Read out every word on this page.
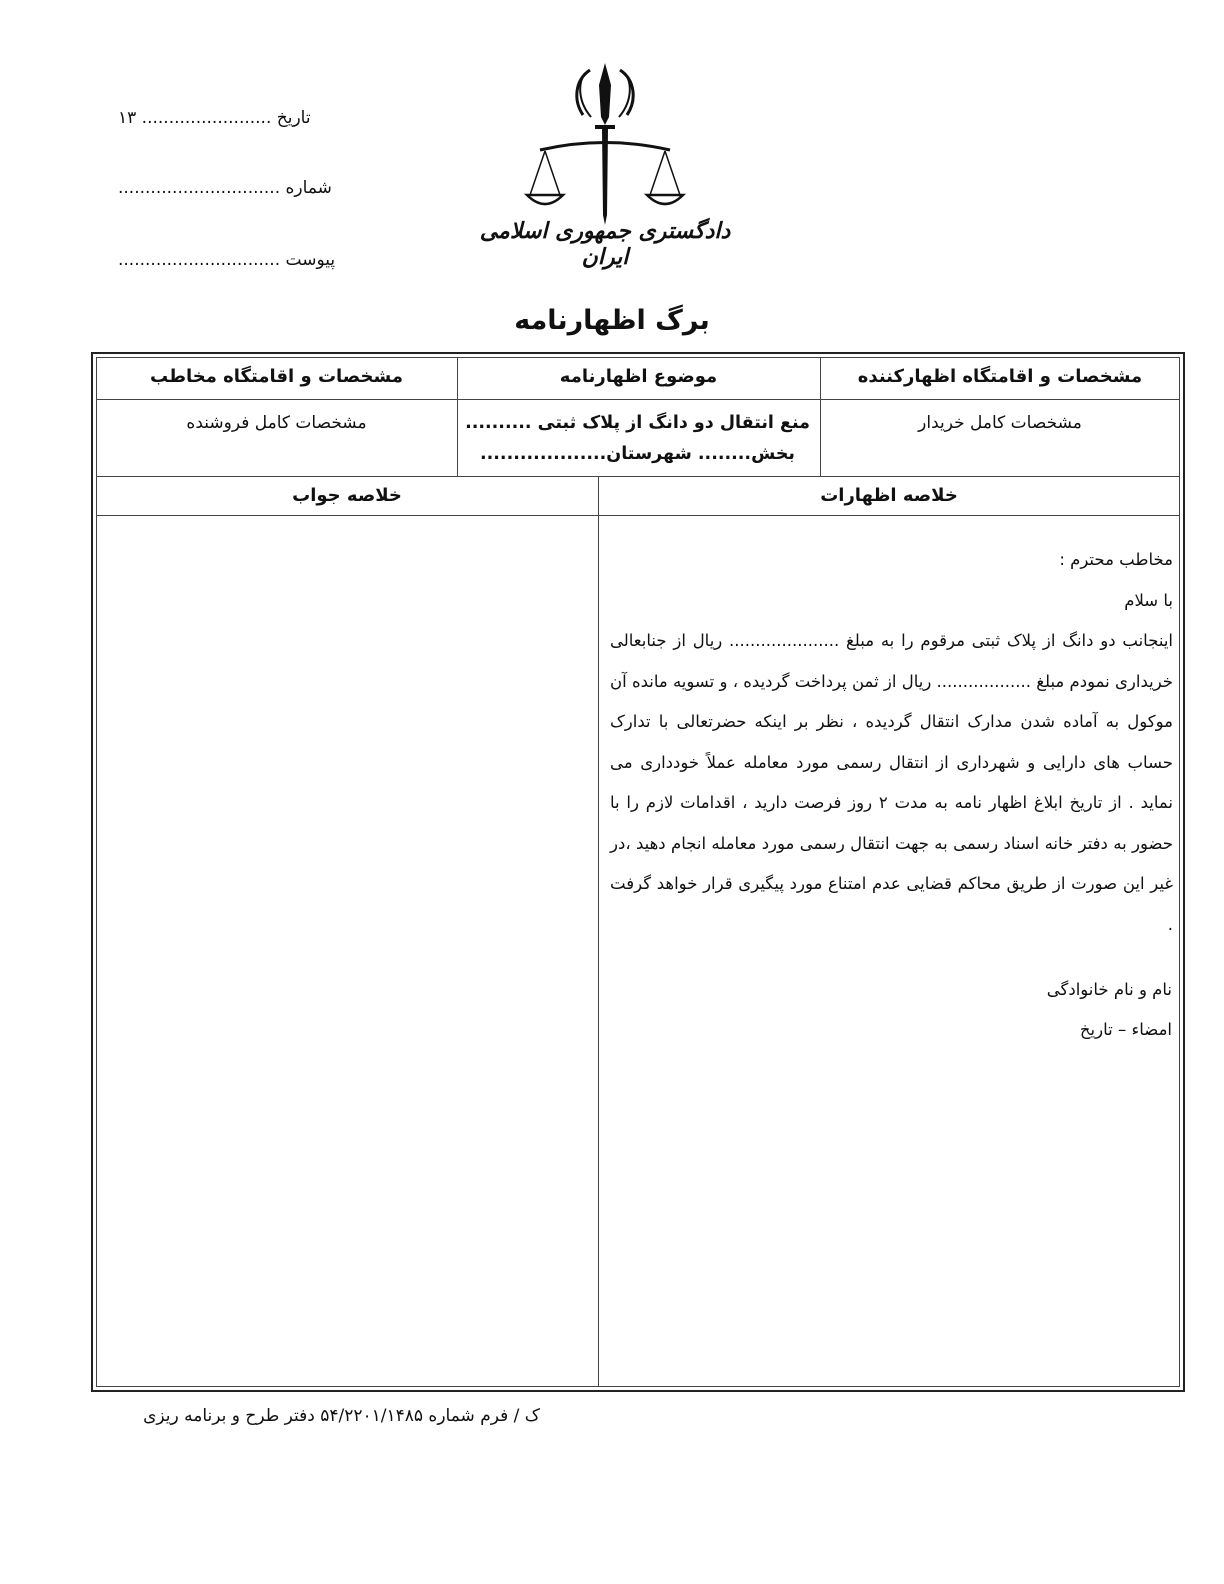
تاریخ ........................ ۱۳
شماره ..............................
پیوست ..............................
دادگستری جمهوری اسلامی ایران
برگ اظهارنامه
مشخصات و اقامتگاه اظهارکننده
موضوع اظهارنامه
مشخصات و اقامتگاه مخاطب
مشخصات کامل خریدار
منع انتقال دو دانگ از پلاک ثبتی ..........
بخش........ شهرستان...................
مشخصات کامل فروشنده
خلاصه اظهارات
خلاصه جواب

مخاطب محترم :

با سلام

اینجانب دو دانگ از پلاک ثبتی مرقوم را به مبلغ ..................... ریال از جنابعالی خریداری نمودم مبلغ .................. ریال از ثمن پرداخت گردیده ، و تسویه مانده آن موکول به آماده شدن مدارک انتقال گردیده ، نظر بر اینکه حضرتعالی با تدارک حساب های دارایی و شهرداری از انتقال رسمی مورد معامله عملاً خودداری می نماید . از تاریخ ابلاغ اظهار نامه به مدت ۲ روز فرصت دارید ، اقدامات لازم را با حضور به دفتر خانه اسناد رسمی به جهت انتقال رسمی مورد معامله انجام دهید ،در غیر این صورت از طریق محاکم قضایی عدم امتناع مورد پیگیری قرار خواهد گرفت .

نام و نام خانوادگی

امضاء – تاریخ

ک / فرم شماره ۵۴/۲۲۰۱/۱۴۸۵ دفتر طرح و برنامه ریزی
